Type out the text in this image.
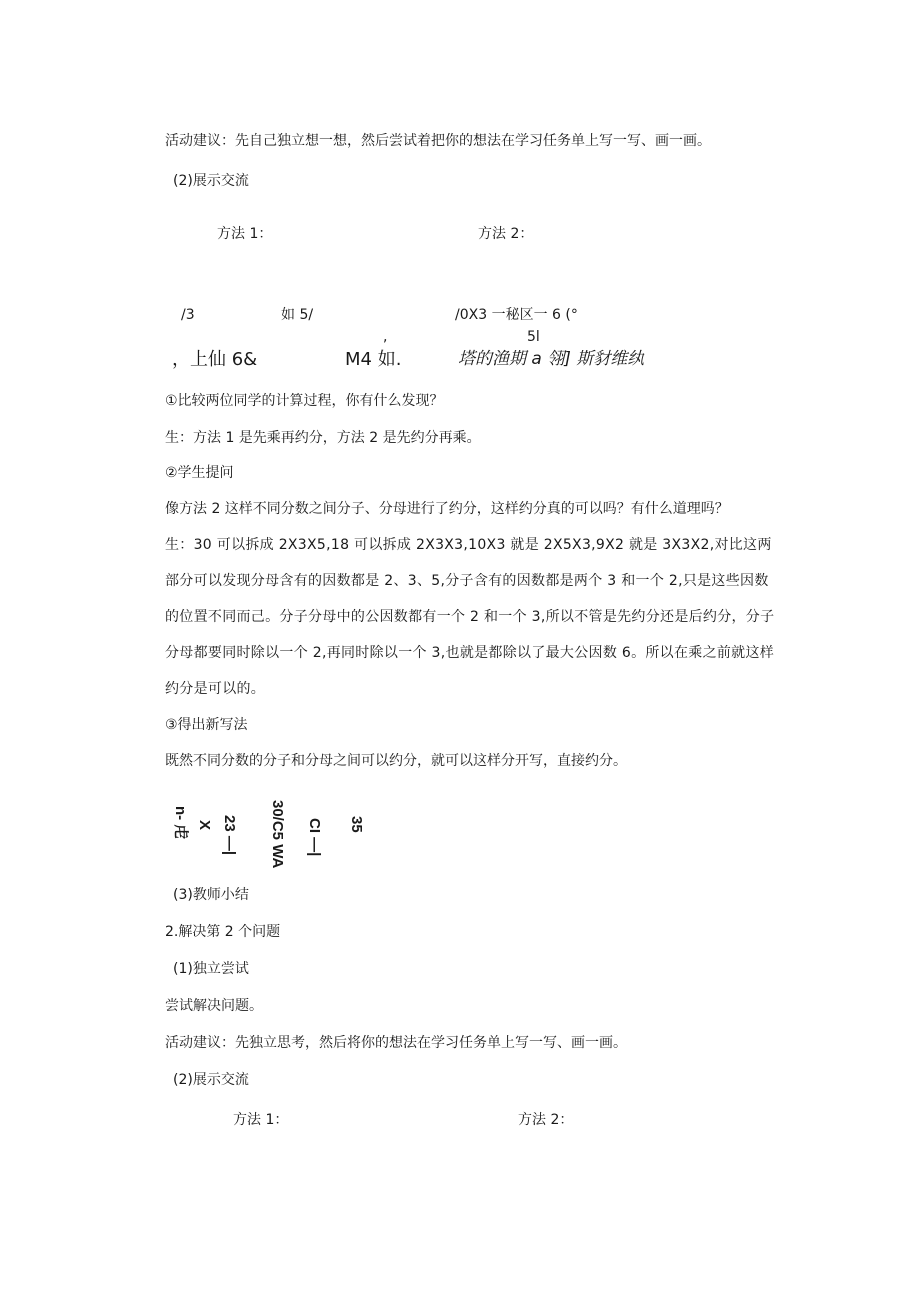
活动建议：先自己独立想一想，然后尝试着把你的想法在学习任务单上写一写、画一画。
(2)展示交流
方法 1：	方法 2：
/3	如 5/	/0X3 一秘区一 6 (°
,	5l
，上仙 6&	M4 如.	塔的渔期 a 翎] 斯豺维纨
①比较两位同学的计算过程，你有什么发现？
生：方法 1 是先乘再约分，方法 2 是先约分再乘。
②学生提问
像方法 2 这样不同分数之间分子、分母进行了约分，这样约分真的可以吗？有什么道理吗？
生：30 可以拆成 2X3X5,18 可以拆成 2X3X3,10X3 就是 2X5X3,9X2 就是 3X3X2,对比这两部分可以发现分母含有的因数都是 2、3、5,分子含有的因数都是两个 3 和一个 2,只是这些因数的位置不同而己。分子分母中的公因数都有一个 2 和一个 3,所以不管是先约分还是后约分，分子分母都要同时除以一个 2,再同时除以一个 3,也就是都除以了最大公因数 6。所以在乘之前就这样约分是可以的。
③得出新写法
既然不同分数的分子和分母之间可以约分，就可以这样分开写，直接约分。
n- 虍 X 23 —| 30/C5 WA CI —| 35
(3)教师小结
2.解决第 2 个问题
(1)独立尝试
尝试解决问题。
活动建议：先独立思考，然后将你的想法在学习任务单上写一写、画一画。
(2)展示交流
方法 1：	方法 2：
